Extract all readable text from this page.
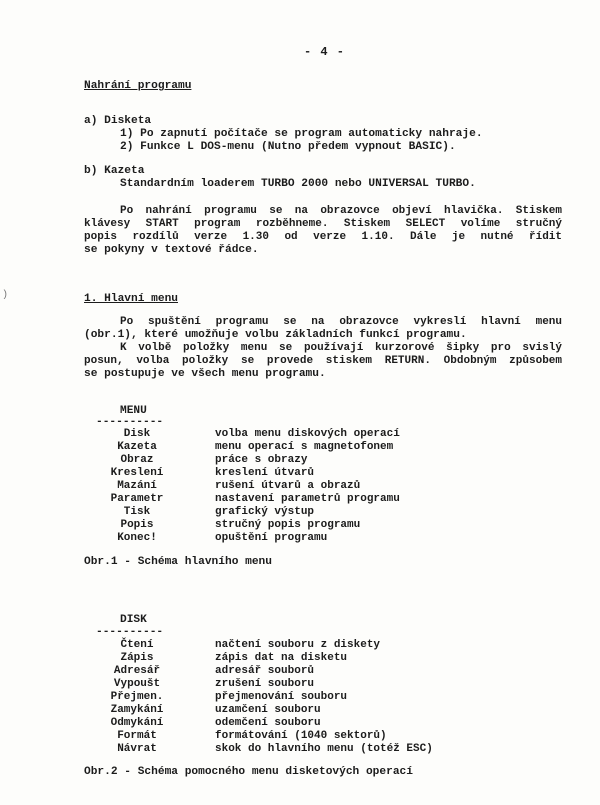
- 4 -
Nahrání programu
a) Disketa
1) Po zapnutí počítače se program automaticky nahraje.
2) Funkce L DOS-menu (Nutno předem vypnout BASIC).
b) Kazeta
Standardním loaderem TURBO 2000 nebo UNIVERSAL TURBO.
Po nahrání programu se na obrazovce objeví hlavička. Stiskem
klávesy START program rozběhneme. Stiskem SELECT volíme stručný
popis rozdílů verze 1.30 od verze 1.10. Dále je nutné řídit
se pokyny v textové řádce.
1. Hlavní menu
Po spuštění programu se na obrazovce vykreslí hlavní menu
(obr.1), které umožňuje volbu základních funkcí programu.
K volbě položky menu se používají kurzorové šipky pro svislý
posun, volba položky se provede stiskem RETURN. Obdobným způsobem
se postupuje ve všech menu programu.
MENU
----------
Disk	volba menu diskových operací
Kazeta	menu operací s magnetofonem
Obraz	práce s obrazy
Kreslení	kreslení útvarů
Mazání	rušení útvarů a obrazů
Parametr	nastavení parametrů programu
Tisk	grafický výstup
Popis	stručný popis programu
Konec!	opuštění programu
Obr.1 - Schéma hlavního menu
DISK
----------
Čtení	načtení souboru z diskety
Zápis	zápis dat na disketu
Adresář	adresář souborů
Vypoušt	zrušení souboru
Přejmen.	přejmenování souboru
Zamykání	uzamčení souboru
Odmykání	odemčení souboru
Formát	formátování (1040 sektorů)
Návrat	skok do hlavního menu (totéž ESC)
Obr.2 - Schéma pomocného menu disketových operací
)
